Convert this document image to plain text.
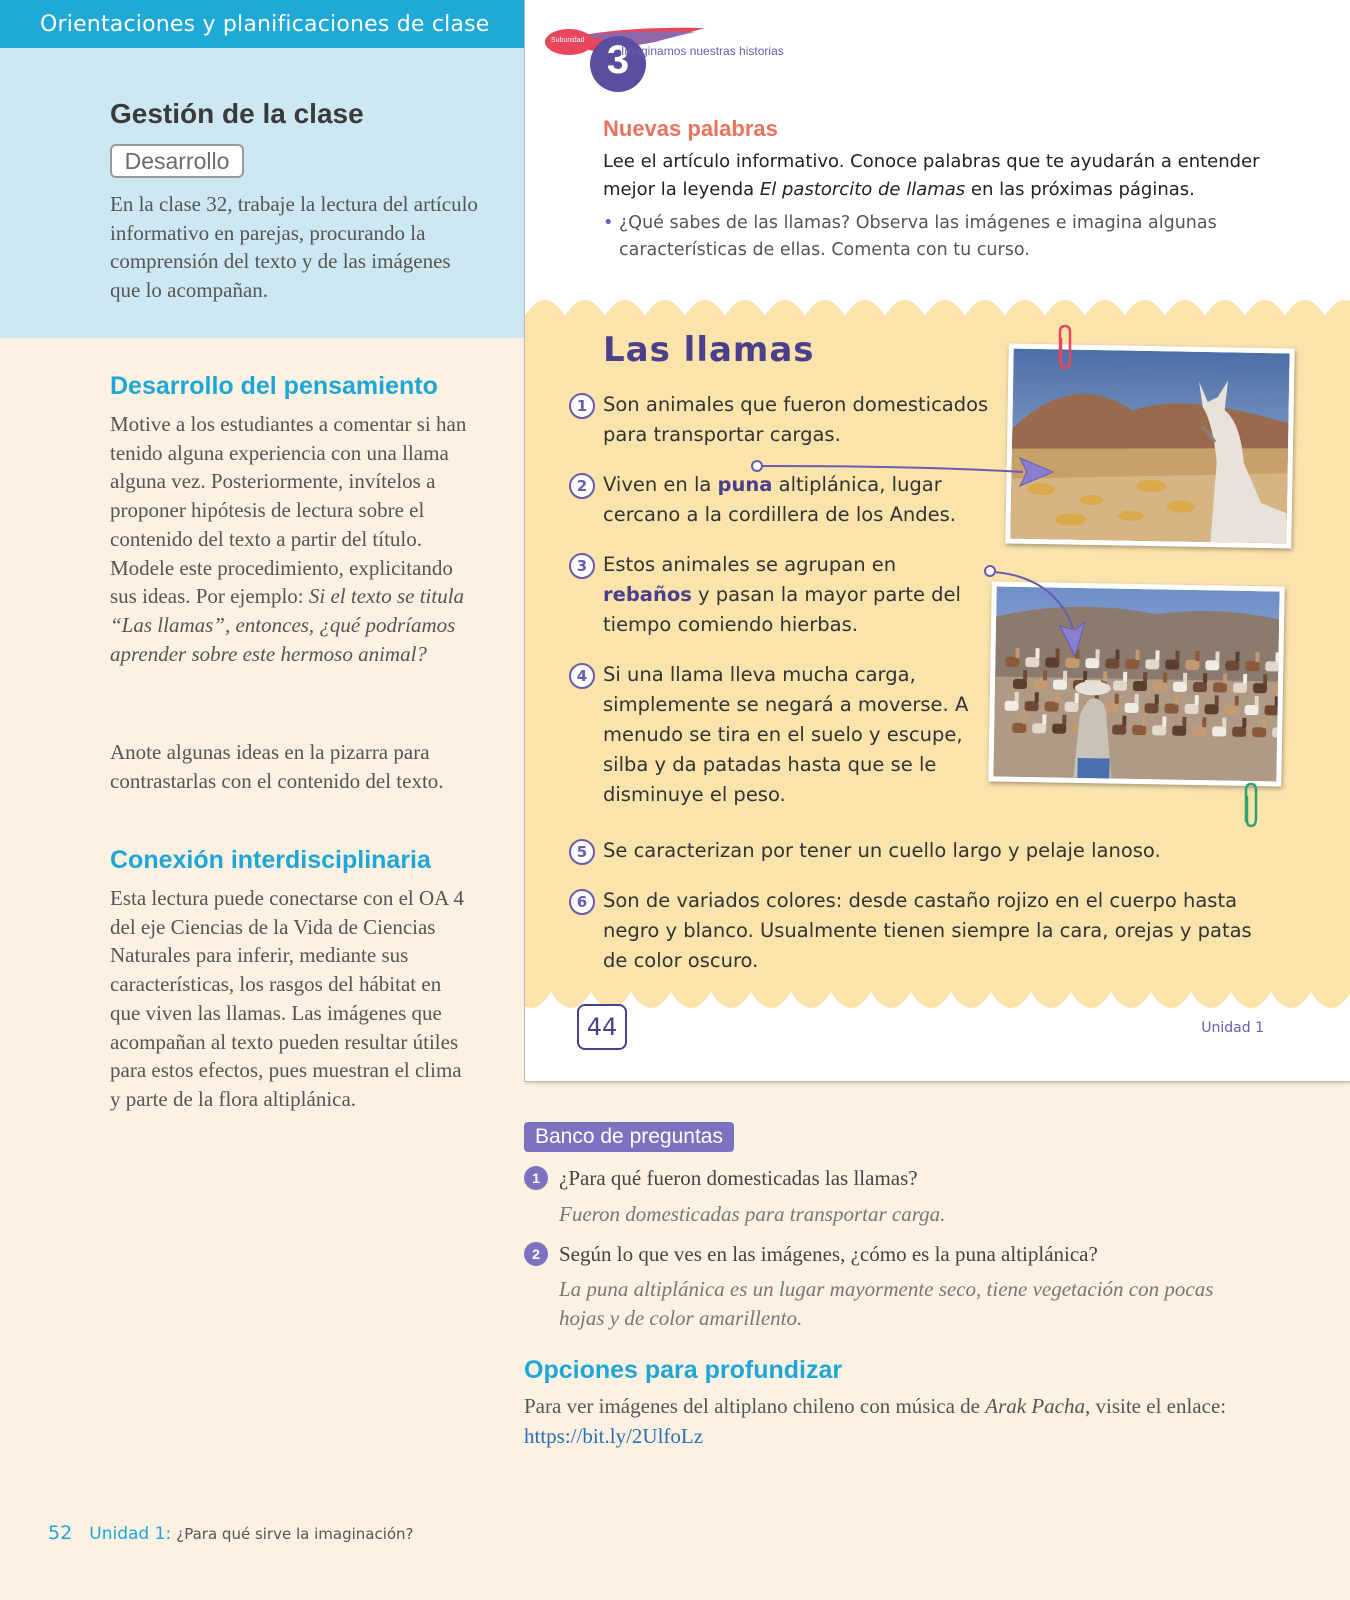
Orientaciones y planificaciones de clase
Gestión de la clase
Desarrollo
En la clase 32, trabaje la lectura del artículo informativo en parejas, procurando la comprensión del texto y de las imágenes que lo acompañan.
Desarrollo del pensamiento
Motive a los estudiantes a comentar si han tenido alguna experiencia con una llama alguna vez. Posteriormente, invítelos a proponer hipótesis de lectura sobre el contenido del texto a partir del título. Modele este procedimiento, explicitando sus ideas. Por ejemplo: Si el texto se titula “Las llamas”, entonces, ¿qué podríamos aprender sobre este hermoso animal?
Anote algunas ideas en la pizarra para contrastarlas con el contenido del texto.
Conexión interdisciplinaria
Esta lectura puede conectarse con el OA 4 del eje Ciencias de la Vida de Ciencias Naturales para inferir, mediante sus características, los rasgos del hábitat en que viven las llamas. Las imágenes que acompañan al texto pueden resultar útiles para estos efectos, pues muestran el clima y parte de la flora altiplánica.
52 Unidad 1: ¿Para qué sirve la imaginación?
Subunidad 3
Imaginamos nuestras historias
Nuevas palabras
Lee el artículo informativo. Conoce palabras que te ayudarán a entender mejor la leyenda El pastorcito de llamas en las próximas páginas.
• ¿Qué sabes de las llamas? Observa las imágenes e imagina algunas características de ellas. Comenta con tu curso.
Las llamas
1 Son animales que fueron domesticados para transportar cargas.
2 Viven en la puna altiplánica, lugar cercano a la cordillera de los Andes.
3 Estos animales se agrupan en rebaños y pasan la mayor parte del tiempo comiendo hierbas.
4 Si una llama lleva mucha carga, simplemente se negará a moverse. A menudo se tira en el suelo y escupe, silba y da patadas hasta que se le disminuye el peso.
5 Se caracterizan por tener un cuello largo y pelaje lanoso.
6 Son de variados colores: desde castaño rojizo en el cuerpo hasta negro y blanco. Usualmente tienen siempre la cara, orejas y patas de color oscuro.
44	Unidad 1
Banco de preguntas
1 ¿Para qué fueron domesticadas las llamas?
Fueron domesticadas para transportar carga.
2 Según lo que ves en las imágenes, ¿cómo es la puna altiplánica?
La puna altiplánica es un lugar mayormente seco, tiene vegetación con pocas hojas y de color amarillento.
Opciones para profundizar
Para ver imágenes del altiplano chileno con música de Arak Pacha, visite el enlace: https://bit.ly/2UlfoLz
